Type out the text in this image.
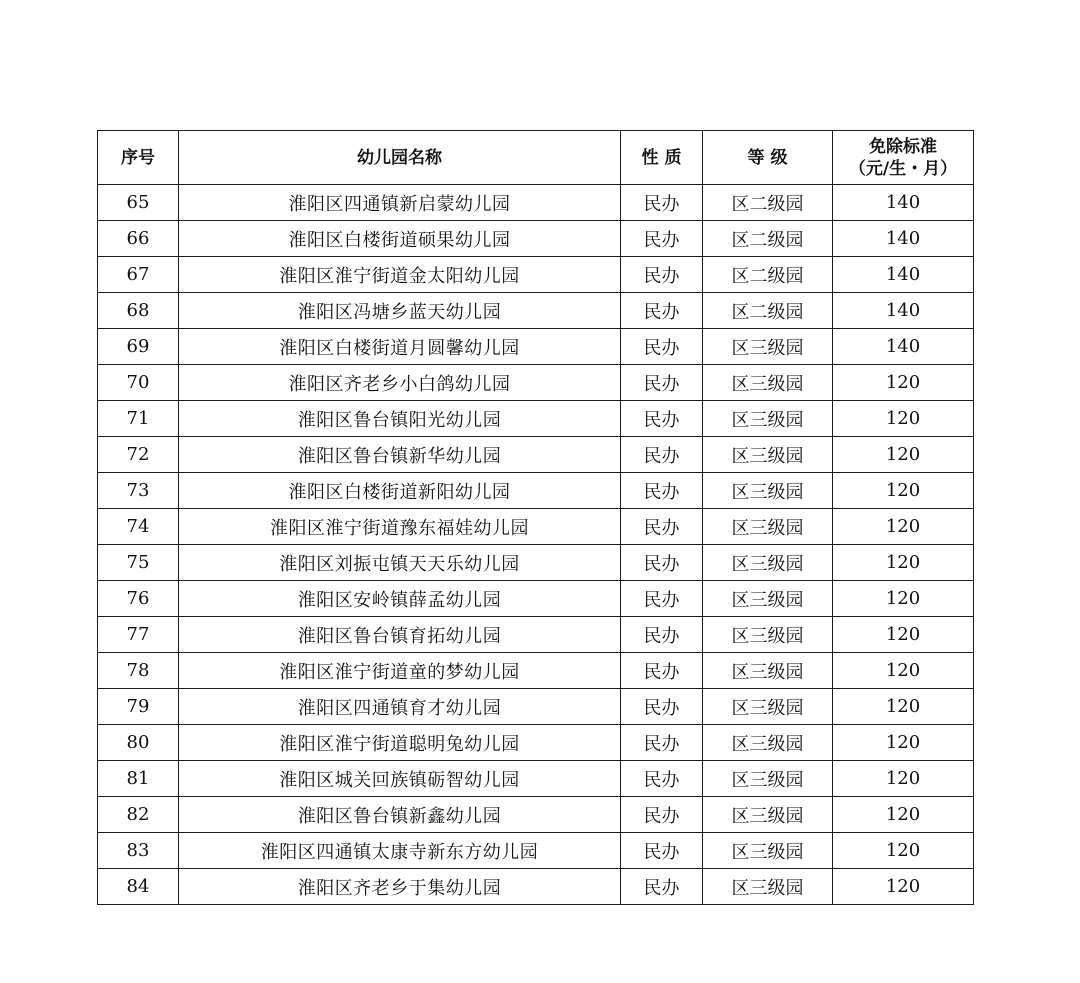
序号	幼儿园名称	性 质	等 级	免除标准
（元/生・月）

65	淮阳区四通镇新启蒙幼儿园	民办	区二级园	140
66	淮阳区白楼街道硕果幼儿园	民办	区二级园	140
67	淮阳区淮宁街道金太阳幼儿园	民办	区二级园	140
68	淮阳区冯塘乡蓝天幼儿园	民办	区二级园	140
69	淮阳区白楼街道月圆馨幼儿园	民办	区三级园	140
70	淮阳区齐老乡小白鸽幼儿园	民办	区三级园	120
71	淮阳区鲁台镇阳光幼儿园	民办	区三级园	120
72	淮阳区鲁台镇新华幼儿园	民办	区三级园	120
73	淮阳区白楼街道新阳幼儿园	民办	区三级园	120
74	淮阳区淮宁街道豫东福娃幼儿园	民办	区三级园	120
75	淮阳区刘振屯镇天天乐幼儿园	民办	区三级园	120
76	淮阳区安岭镇薛孟幼儿园	民办	区三级园	120
77	淮阳区鲁台镇育拓幼儿园	民办	区三级园	120
78	淮阳区淮宁街道童的梦幼儿园	民办	区三级园	120
79	淮阳区四通镇育才幼儿园	民办	区三级园	120
80	淮阳区淮宁街道聪明兔幼儿园	民办	区三级园	120
81	淮阳区城关回族镇砺智幼儿园	民办	区三级园	120
82	淮阳区鲁台镇新鑫幼儿园	民办	区三级园	120
83	淮阳区四通镇太康寺新东方幼儿园	民办	区三级园	120
84	淮阳区齐老乡于集幼儿园	民办	区三级园	120
